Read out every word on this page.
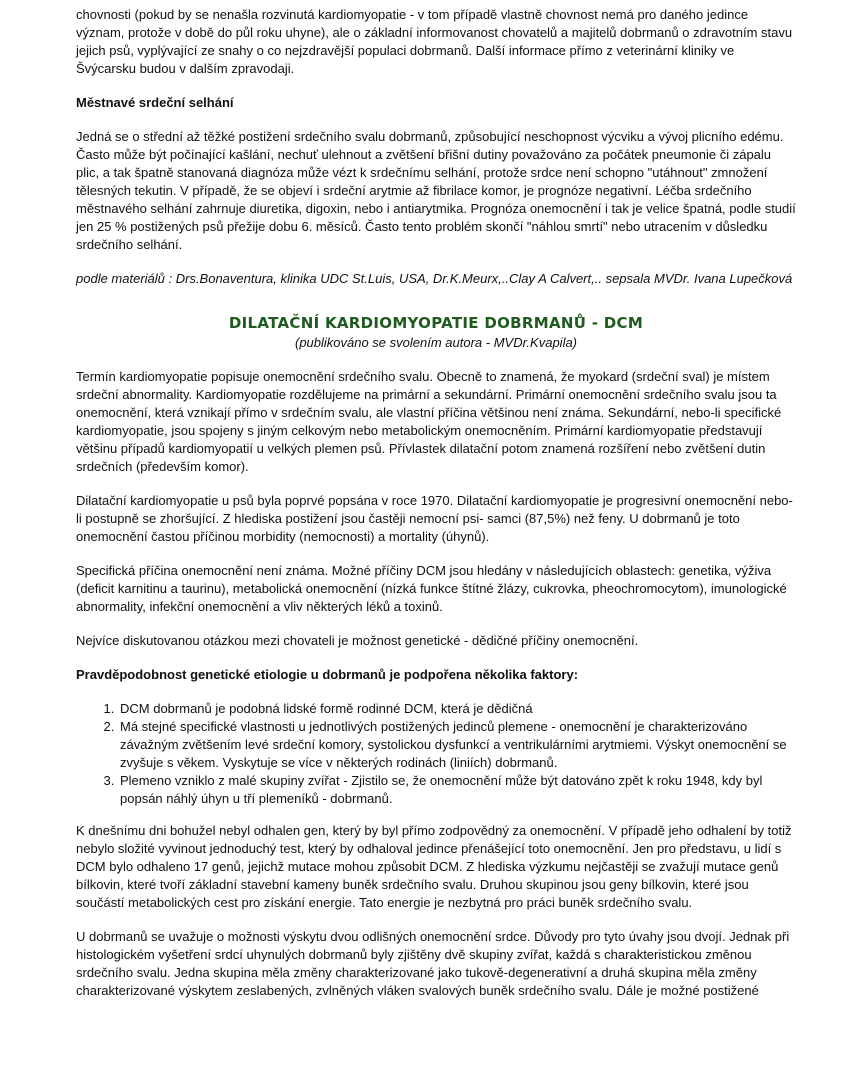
chovnosti (pokud by se nenašla rozvinutá kardiomyopatie - v tom případě vlastně chovnost nemá pro daného jedince význam, protože v době do půl roku uhyne), ale o základní informovanost chovatelů a majitelů dobrmanů o zdravotním stavu jejich psů, vyplývající ze snahy o co nejzdravější populaci dobrmanů. Další informace přímo z veterinární kliniky ve Švýcarsku budou v dalším zpravodaji.

Městnavé srdeční selhání

Jedná se o střední až těžké postižení srdečního svalu dobrmanů, způsobující neschopnost výcviku a vývoj plicního edému. Často může být počínající kašlání, nechuť ulehnout a zvětšení břišní dutiny považováno za počátek pneumonie či zápalu plic, a tak špatně stanovaná diagnóza může vézt k srdečnímu selhání, protože srdce není schopno "utáhnout" zmnožení tělesných tekutin. V případě, že se objeví i srdeční arytmie až fibrilace komor, je prognóze negativní. Léčba srdečního městnavého selhání zahrnuje diuretika, digoxin, nebo i antiarytmika. Prognóza onemocnění i tak je velice špatná, podle studií jen 25 % postižených psů přežije dobu 6. měsíců. Často tento problém skončí "náhlou smrtí" nebo utracením v důsledku srdečního selhání.

podle materiálů : Drs.Bonaventura, klinika UDC St.Luis, USA, Dr.K.Meurx,..Clay A Calvert,.. sepsala MVDr. Ivana Lupečková

DILATAČNÍ KARDIOMYOPATIE DOBRMANŮ - DCM

(publikováno se svolením autora - MVDr.Kvapila)

Termín kardiomyopatie popisuje onemocnění srdečního svalu. Obecně to znamená, že myokard (srdeční sval) je místem srdeční abnormality. Kardiomyopatie rozdělujeme na primární a sekundární. Primární onemocnění srdečního svalu jsou ta onemocnění, která vznikají přímo v srdečním svalu, ale vlastní příčina většinou není známa. Sekundární, nebo-li specifické kardiomyopatie, jsou spojeny s jiným celkovým nebo metabolickým onemocněním. Primární kardiomyopatie představují většinu případů kardiomyopatií u velkých plemen psů. Přívlastek dilatační potom znamená rozšíření nebo zvětšení dutin srdečních (především komor).

Dilatační kardiomyopatie u psů byla poprvé popsána v roce 1970. Dilatační kardiomyopatie je progresivní onemocnění nebo-li postupně se zhoršující. Z hlediska postižení jsou častěji nemocní psi- samci (87,5%) než feny. U dobrmanů je toto onemocnění častou příčinou morbidity (nemocnosti) a mortality (úhynů).

Specifická příčina onemocnění není známa. Možné příčiny DCM jsou hledány v následujících oblastech: genetika, výživa (deficit karnitinu a taurinu), metabolická onemocnění (nízká funkce štítné žlázy, cukrovka, pheochromocytom), imunologické abnormality, infekční onemocnění a vliv některých léků a toxinů.

Nejvíce diskutovanou otázkou mezi chovateli je možnost genetické - dědičné příčiny onemocnění.

Pravděpodobnost genetické etiologie u dobrmanů je podpořena několika faktory:

1. DCM dobrmanů je podobná lidské formě rodinné DCM, která je dědičná
2. Má stejné specifické vlastnosti u jednotlivých postižených jedinců plemene - onemocnění je charakterizováno závažným zvětšením levé srdeční komory, systolickou dysfunkcí a ventrikulárními arytmiemi. Výskyt onemocnění se zvyšuje s věkem. Vyskytuje se více v některých rodinách (liniích) dobrmanů.
3. Plemeno vzniklo z malé skupiny zvířat - Zjistilo se, že onemocnění může být datováno zpět k roku 1948, kdy byl popsán náhlý úhyn u tří plemeníků - dobrmanů.

K dnešnímu dni bohužel nebyl odhalen gen, který by byl přímo zodpovědný za onemocnění. V případě jeho odhalení by totiž nebylo složité vyvinout jednoduchý test, který by odhaloval jedince přenášející toto onemocnění. Jen pro představu, u lidí s DCM bylo odhaleno 17 genů, jejichž mutace mohou způsobit DCM. Z hlediska výzkumu nejčastěji se zvažují mutace genů bílkovin, které tvoří základní stavební kameny buněk srdečního svalu. Druhou skupinou jsou geny bílkovin, které jsou součástí metabolických cest pro získání energie. Tato energie je nezbytná pro práci buněk srdečního svalu.

U dobrmanů se uvažuje o možnosti výskytu dvou odlišných onemocnění srdce. Důvody pro tyto úvahy jsou dvojí. Jednak při histologickém vyšetření srdcí uhynulých dobrmanů byly zjištěny dvě skupiny zvířat, každá s charakteristickou změnou srdečního svalu. Jedna skupina měla změny charakterizované jako tukově-degenerativní a druhá skupina měla změny charakterizované výskytem zeslabených, zvlněných vláken svalových buněk srdečního svalu. Dále je možné postižené
